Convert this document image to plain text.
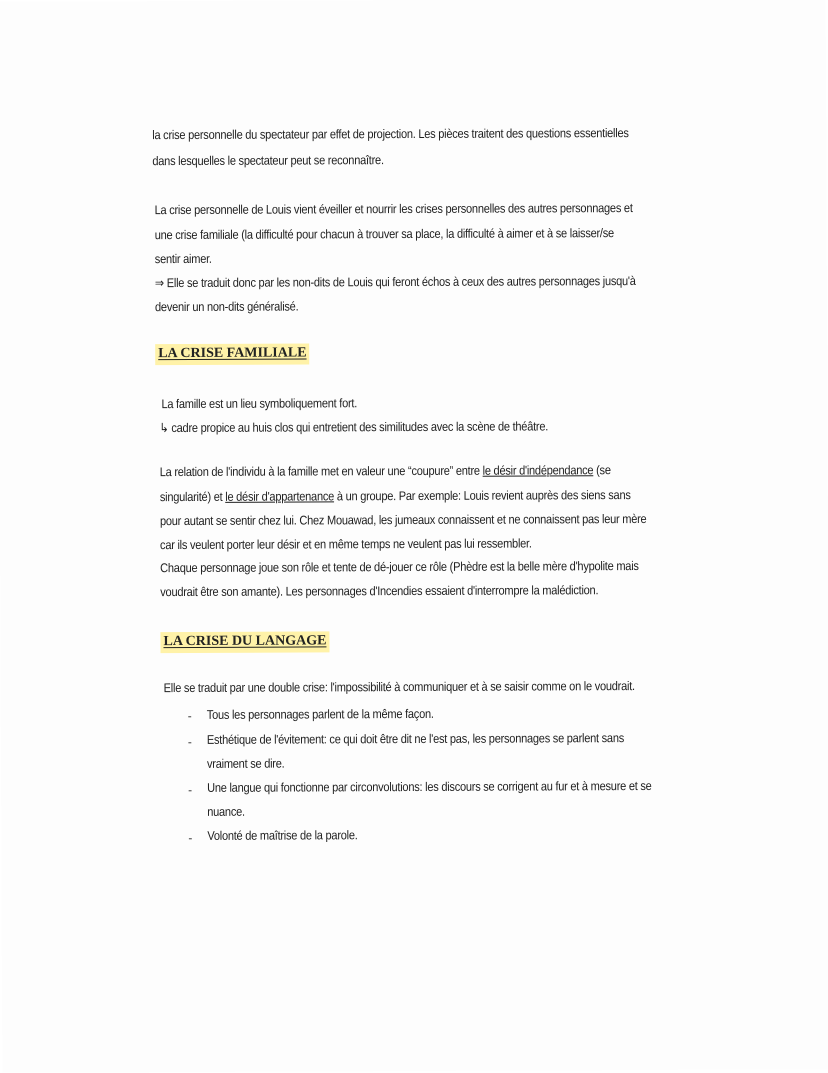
la crise personnelle du spectateur par effet de projection. Les pièces traitent des questions essentielles
dans lesquelles le spectateur peut se reconnaître.
La crise personnelle de Louis vient éveiller et nourrir les crises personnelles des autres personnages et
une crise familiale (la difficulté pour chacun à trouver sa place, la difficulté à aimer et à se laisser/se
sentir aimer.
⇒ Elle se traduit donc par les non-dits de Louis qui feront échos à ceux des autres personnages jusqu'à
devenir un non-dits généralisé.
LA CRISE FAMILIALE
La famille est un lieu symboliquement fort.
↳ cadre propice au huis clos qui entretient des similitudes avec la scène de théâtre.
La relation de l'individu à la famille met en valeur une “coupure” entre le désir d'indépendance (se
singularité) et le désir d'appartenance à un groupe. Par exemple: Louis revient auprès des siens sans
pour autant se sentir chez lui. Chez Mouawad, les jumeaux connaissent et ne connaissent pas leur mère
car ils veulent porter leur désir et en même temps ne veulent pas lui ressembler.
Chaque personnage joue son rôle et tente de dé-jouer ce rôle (Phèdre est la belle mère d'hypolite mais
voudrait être son amante). Les personnages d'Incendies essaient d'interrompre la malédiction.
LA CRISE DU LANGAGE
Elle se traduit par une double crise: l'impossibilité à communiquer et à se saisir comme on le voudrait.
- Tous les personnages parlent de la même façon.
- Esthétique de l'évitement: ce qui doit être dit ne l'est pas, les personnages se parlent sans
vraiment se dire.
- Une langue qui fonctionne par circonvolutions: les discours se corrigent au fur et à mesure et se
nuance.
- Volonté de maîtrise de la parole.
